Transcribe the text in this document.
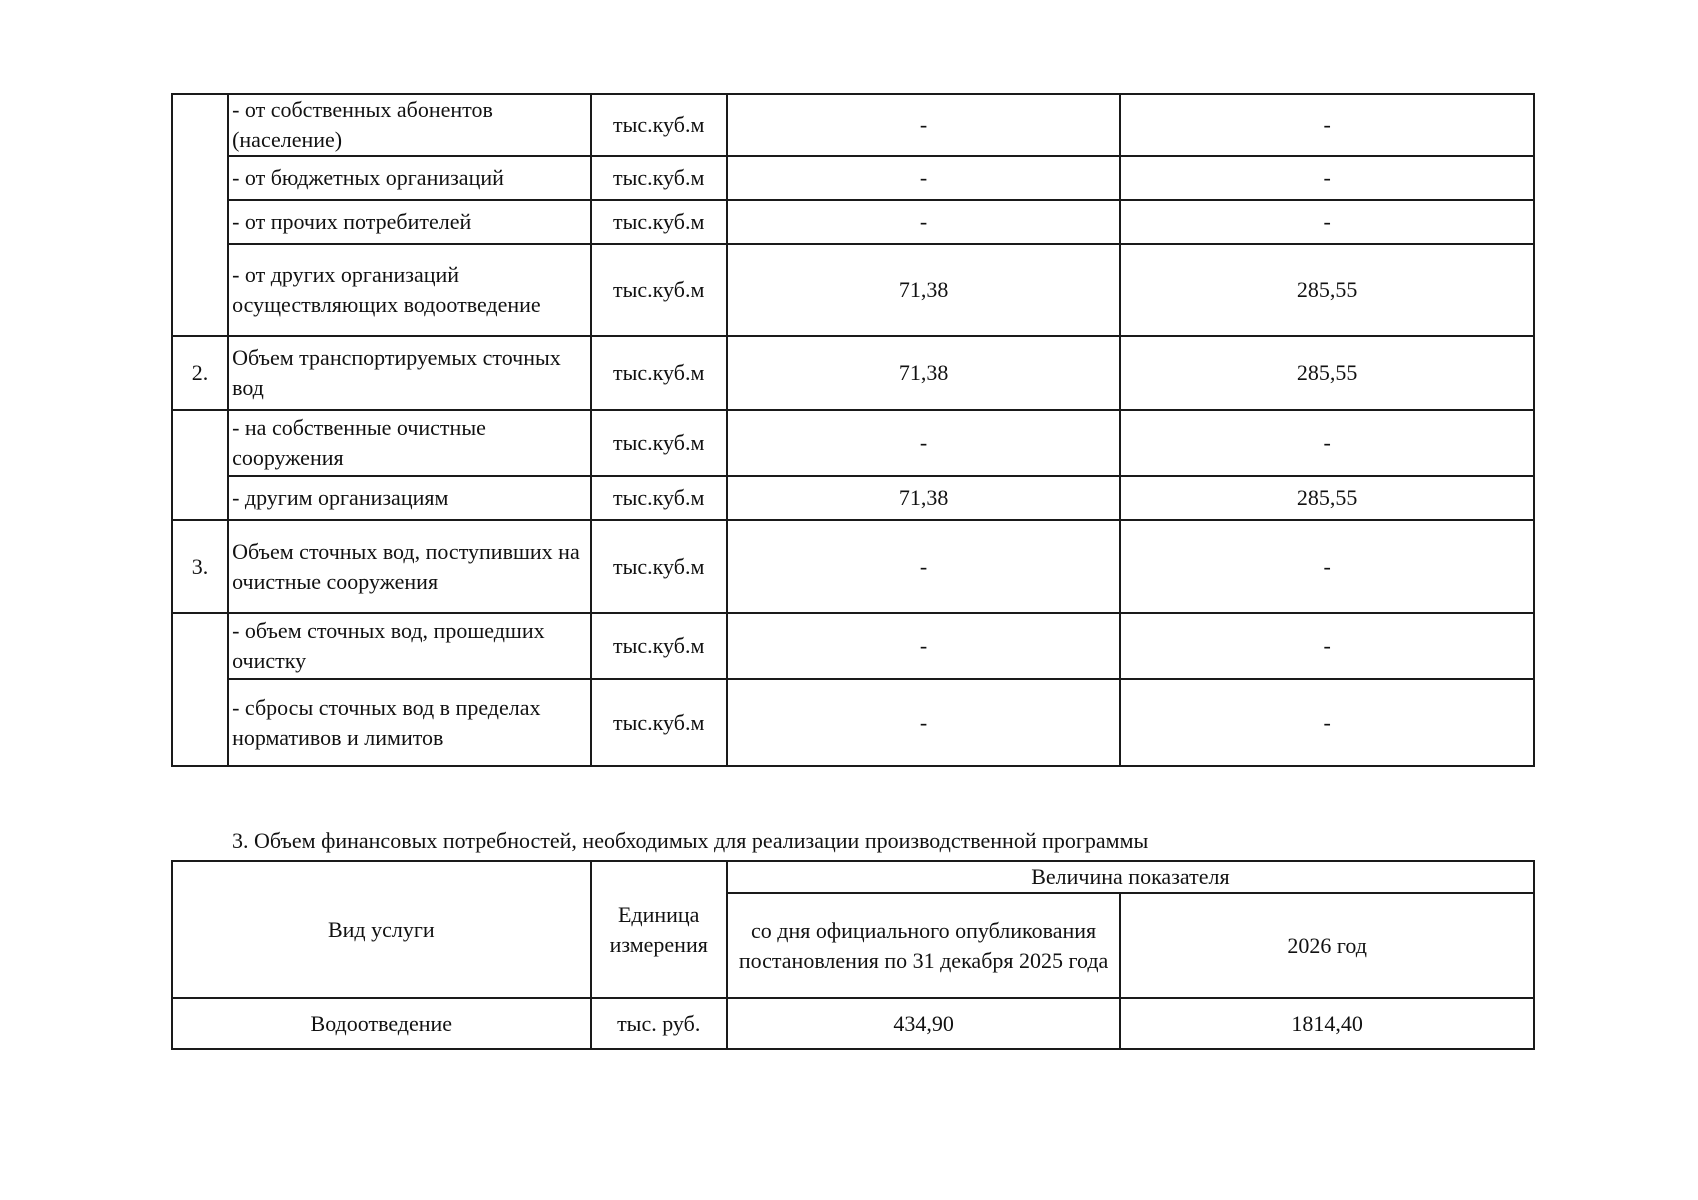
	- от собственных абонентов (население)	тыс.куб.м	-	-
	- от бюджетных организаций	тыс.куб.м	-	-
	- от прочих потребителей	тыс.куб.м	-	-
	- от других организаций осуществляющих водоотведение	тыс.куб.м	71,38	285,55
2.	Объем транспортируемых сточных вод	тыс.куб.м	71,38	285,55
	- на собственные очистные сооружения	тыс.куб.м	-	-
	- другим организациям	тыс.куб.м	71,38	285,55
3.	Объем сточных вод, поступивших на очистные сооружения	тыс.куб.м	-	-
	- объем сточных вод, прошедших очистку	тыс.куб.м	-	-
	- сбросы сточных вод в пределах нормативов и лимитов	тыс.куб.м	-	-

3. Объем финансовых потребностей, необходимых для реализации производственной программы

Вид услуги	Единица измерения	Величина показателя	
		со дня официального опубликования постановления по 31 декабря 2025 года	2026 год
Водоотведение	тыс. руб.	434,90	1814,40
